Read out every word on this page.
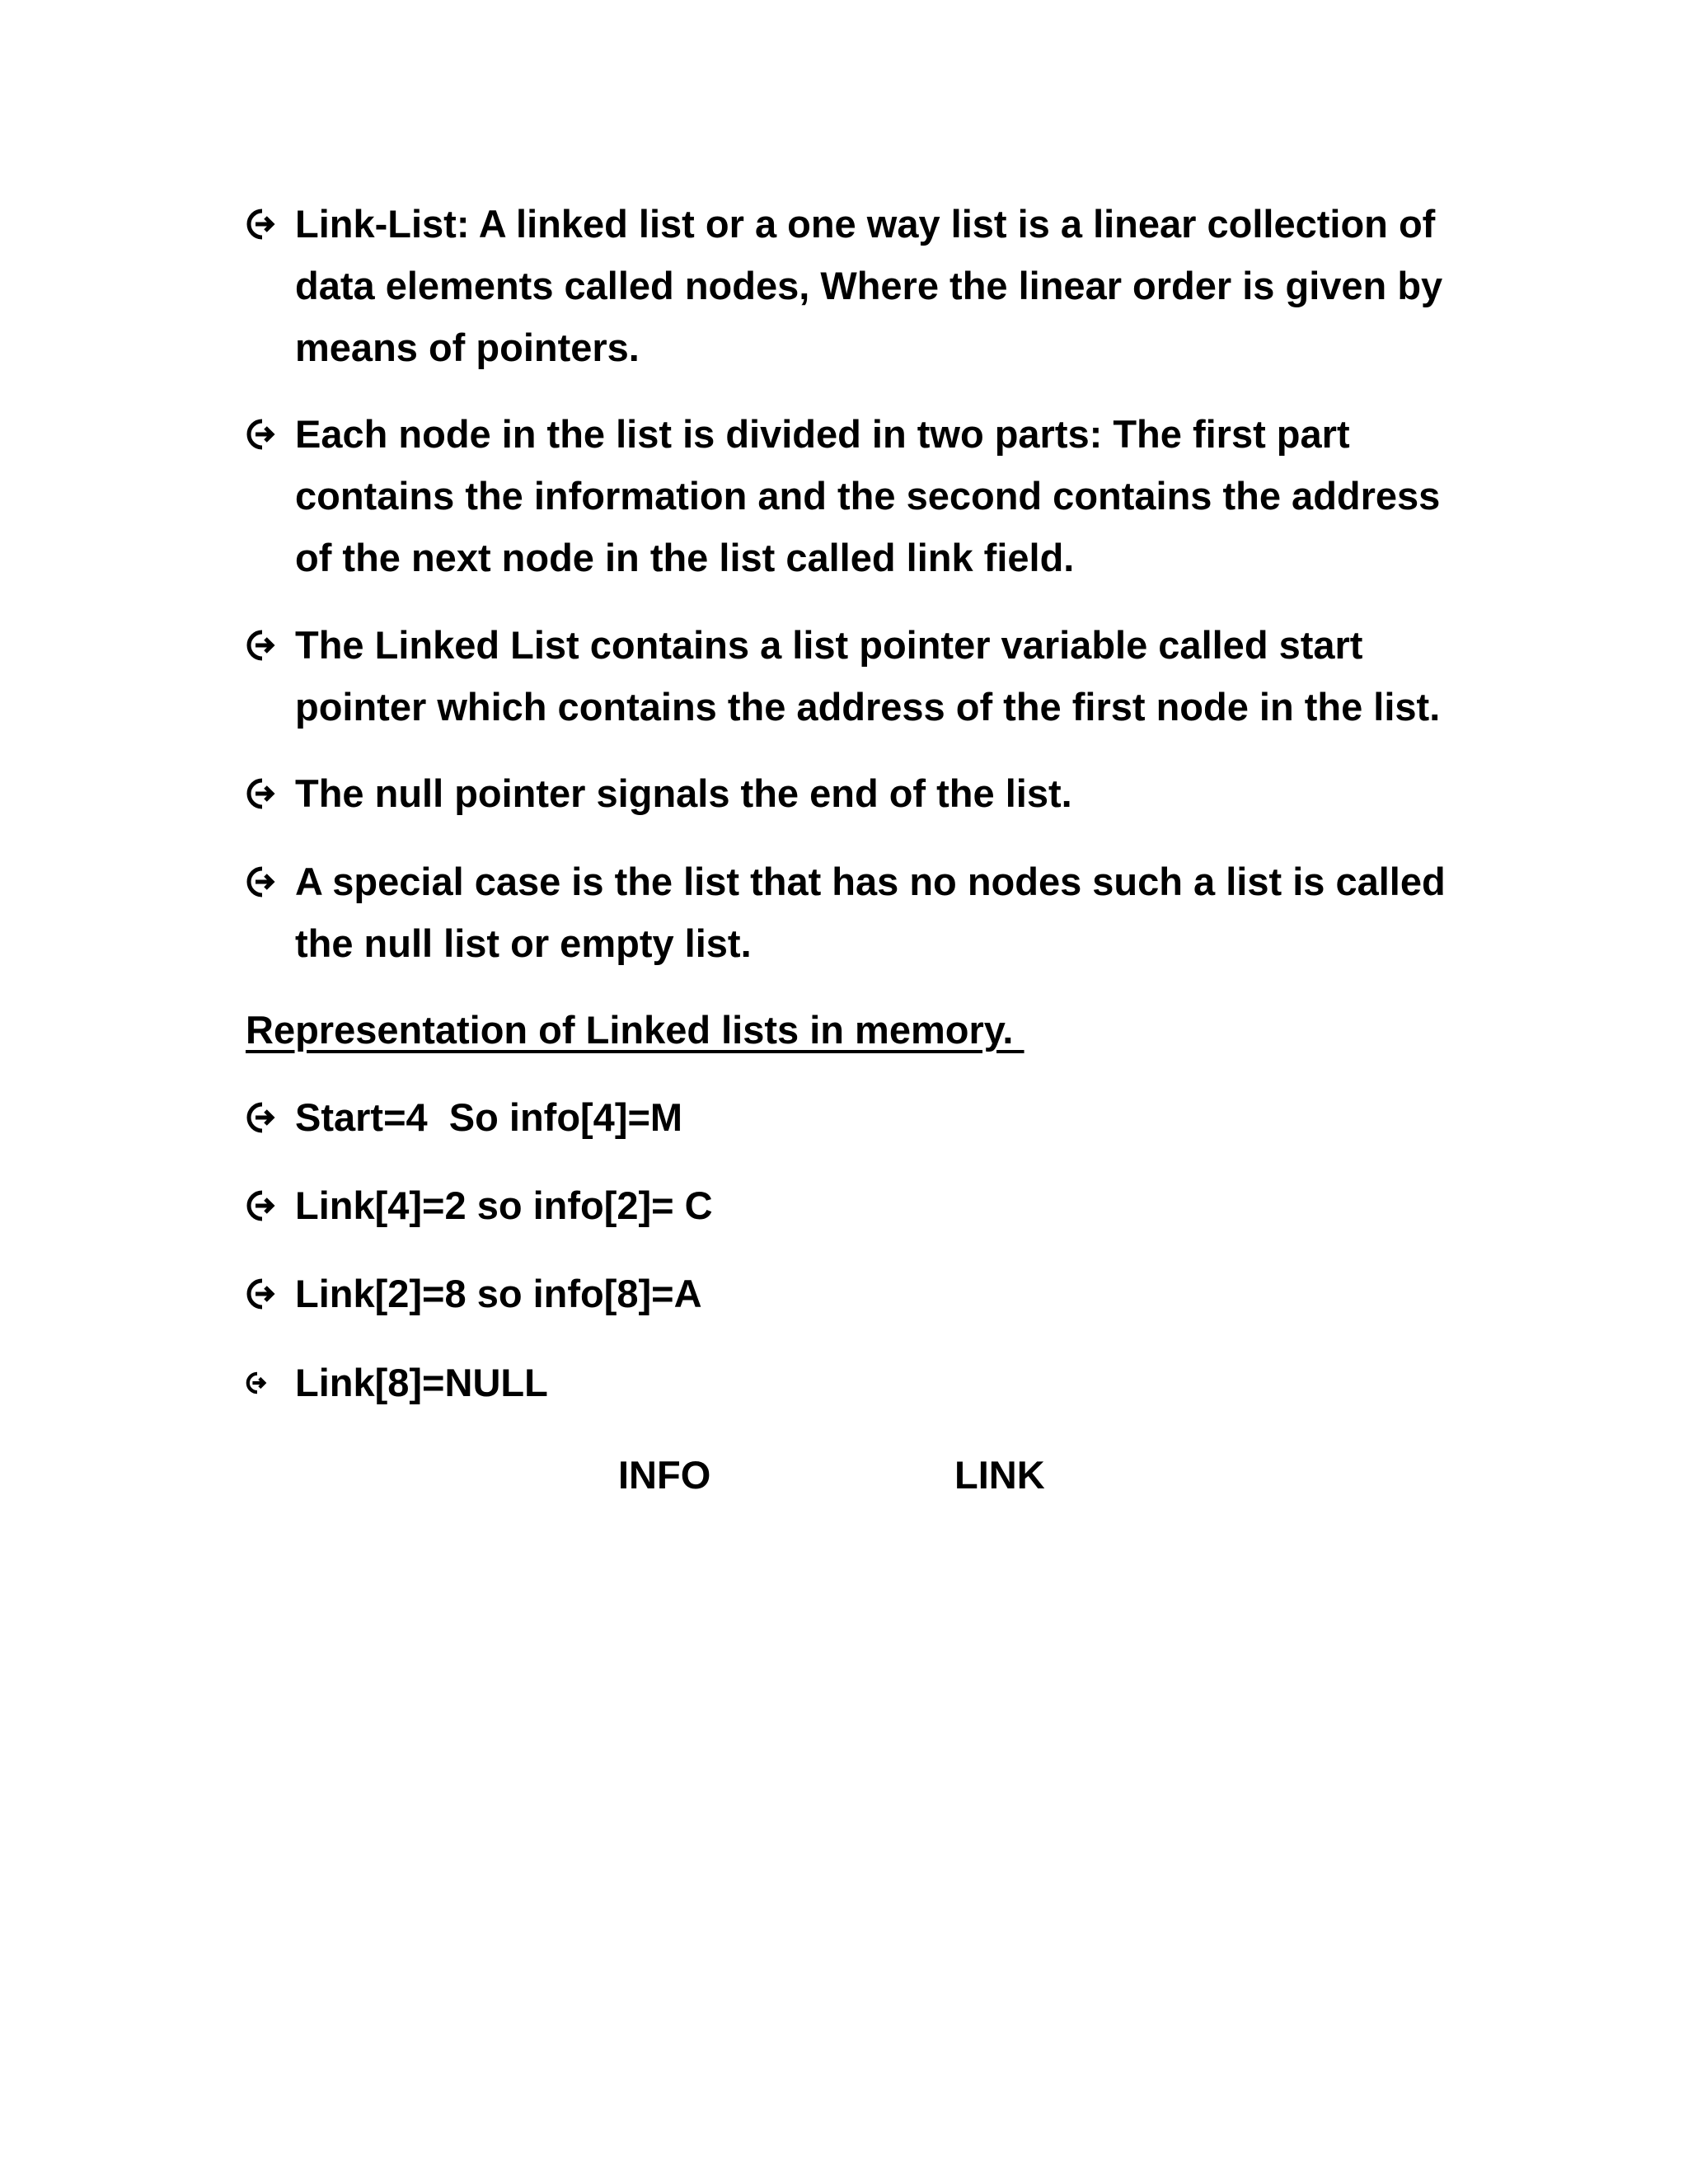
Link-List: A linked list or a one way list is a linear collection of data elements called nodes, Where the linear order is given by means of pointers.
Each node in the list is divided in two parts: The first part contains the information and the second contains the address of the next node in the list called link field.
The Linked List contains a list pointer variable called start pointer which contains the address of the first node in the list.
The null pointer signals the end of the list.
A special case is the list that has no nodes such a list is called the null list or empty list.
Representation of Linked lists in memory.
Start=4  So info[4]=M
Link[4]=2 so info[2]= C
Link[2]=8 so info[8]=A
Link[8]=NULL
INFO	LINK
